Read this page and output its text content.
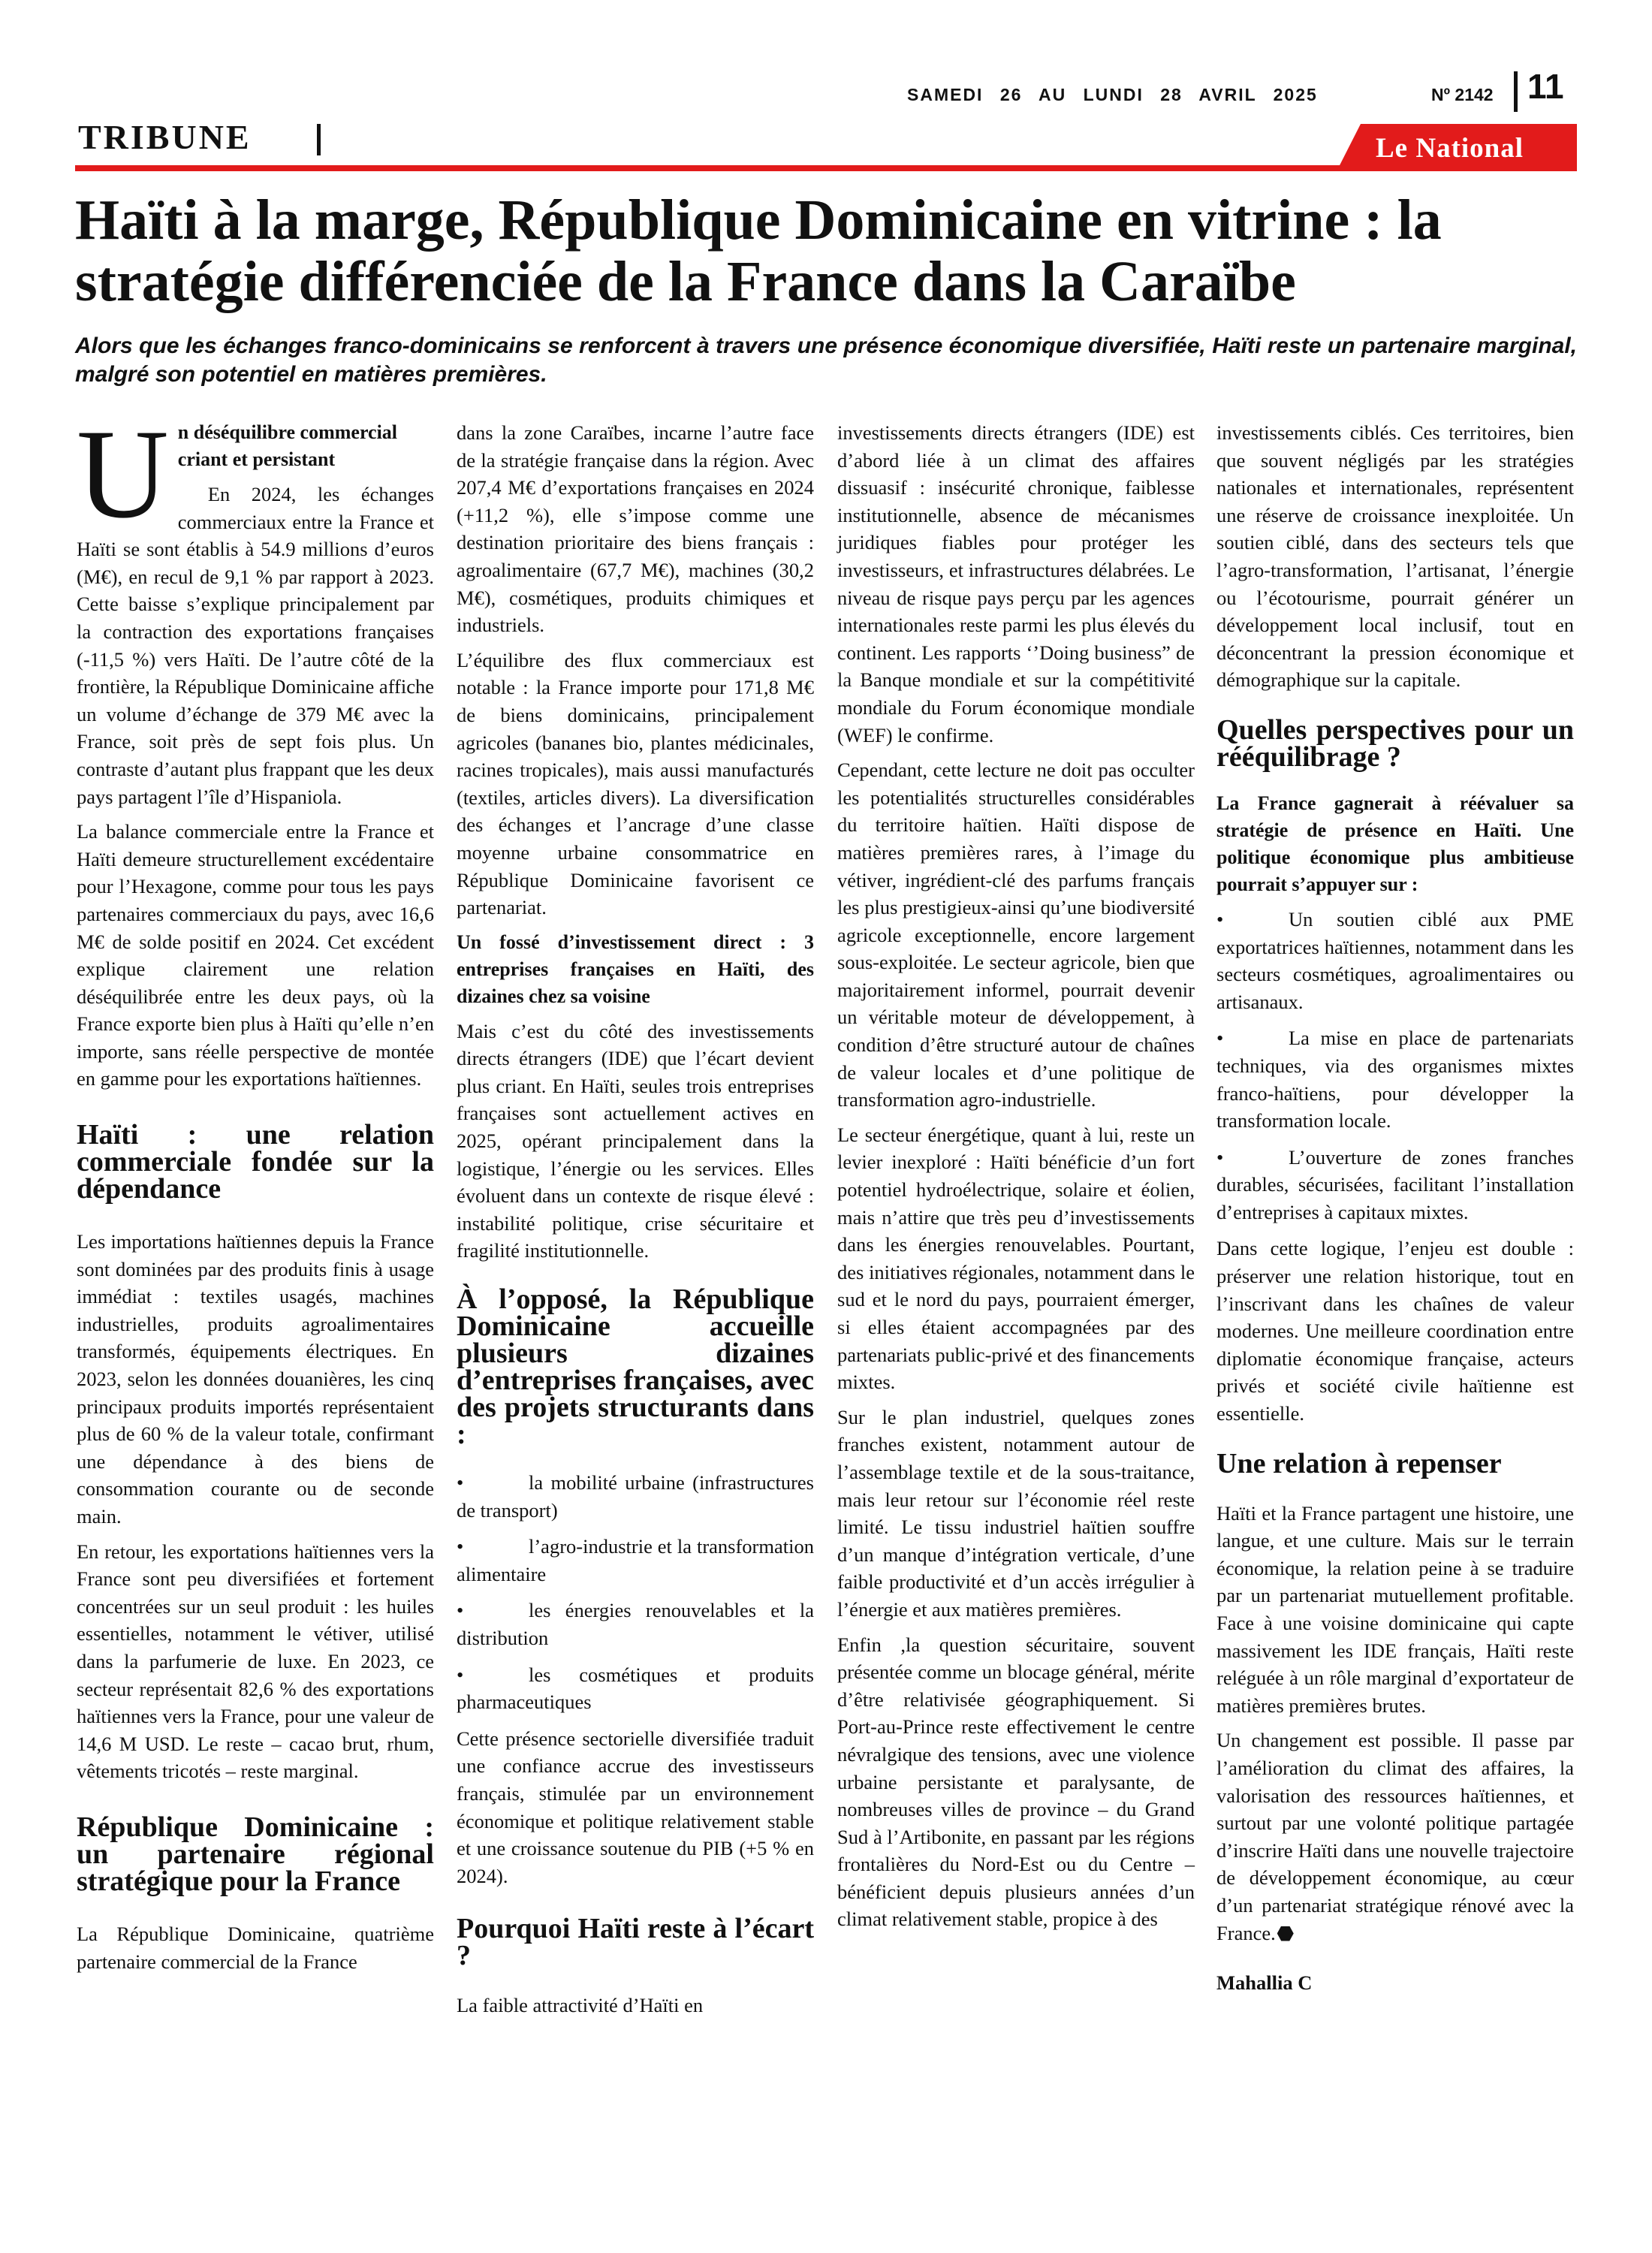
SAMEDI 26 AU LUNDI 28 AVRIL 2025	Nº 2142 11
TRIBUNE	Le National
Haïti à la marge, République Dominicaine en vitrine : la stratégie différenciée de la France dans la Caraïbe

Alors que les échanges franco-dominicains se renforcent à travers une présence économique diversifiée, Haïti reste un partenaire marginal, malgré son potentiel en matières premières.

U n déséquilibre commercial criant et persistant

En 2024, les échanges commerciaux entre la France et Haïti se sont établis à 54.9 millions d’euros (M€), en recul de 9,1 % par rapport à 2023. Cette baisse s’explique principalement par la contraction des exportations françaises (-11,5 %) vers Haïti. De l’autre côté de la frontière, la République Dominicaine affiche un volume d’échange de 379 M€ avec la France, soit près de sept fois plus. Un contraste d’autant plus frappant que les deux pays partagent l’île d’Hispaniola.

La balance commerciale entre la France et Haïti demeure structurellement excédentaire pour l’Hexagone, comme pour tous les pays partenaires commerciaux du pays, avec 16,6 M€ de solde positif en 2024. Cet excédent explique clairement une relation déséquilibrée entre les deux pays, où la France exporte bien plus à Haïti qu’elle n’en importe, sans réelle perspective de montée en gamme pour les exportations haïtiennes.

Haïti : une relation commerciale fondée sur la dépendance

Les importations haïtiennes depuis la France sont dominées par des produits finis à usage immédiat : textiles usagés, machines industrielles, produits agroalimentaires transformés, équipements électriques. En 2023, selon les données douanières, les cinq principaux produits importés représentaient plus de 60 % de la valeur totale, confirmant une dépendance à des biens de consommation courante ou de seconde main.

En retour, les exportations haïtiennes vers la France sont peu diversifiées et fortement concentrées sur un seul produit : les huiles essentielles, notamment le vétiver, utilisé dans la parfumerie de luxe. En 2023, ce secteur représentait 82,6 % des exportations haïtiennes vers la France, pour une valeur de 14,6 M USD. Le reste – cacao brut, rhum, vêtements tricotés – reste marginal.

République Dominicaine : un partenaire régional stratégique pour la France

La République Dominicaine, quatrième partenaire commercial de la France

dans la zone Caraïbes, incarne l’autre face de la stratégie française dans la région. Avec 207,4 M€ d’exportations françaises en 2024 (+11,2 %), elle s’impose comme une destination prioritaire des biens français : agroalimentaire (67,7 M€), machines (30,2 M€), cosmétiques, produits chimiques et industriels.

L’équilibre des flux commerciaux est notable : la France importe pour 171,8 M€ de biens dominicains, principalement agricoles (bananes bio, plantes médicinales, racines tropicales), mais aussi manufacturés (textiles, articles divers). La diversification des échanges et l’ancrage d’une classe moyenne urbaine consommatrice en République Dominicaine favorisent ce partenariat.

Un fossé d’investissement direct : 3 entreprises françaises en Haïti, des dizaines chez sa voisine

Mais c’est du côté des investissements directs étrangers (IDE) que l’écart devient plus criant. En Haïti, seules trois entreprises françaises sont actuellement actives en 2025, opérant principalement dans la logistique, l’énergie ou les services. Elles évoluent dans un contexte de risque élevé : instabilité politique, crise sécuritaire et fragilité institutionnelle.

À l’opposé, la République Dominicaine accueille plusieurs dizaines d’entreprises françaises, avec des projets structurants dans :
•	la mobilité urbaine (infrastructures de transport)
•	l’agro-industrie et la transformation alimentaire
•	les énergies renouvelables et la distribution
•	les cosmétiques et produits pharmaceutiques

Cette présence sectorielle diversifiée traduit une confiance accrue des investisseurs français, stimulée par un environnement économique et politique relativement stable et une croissance soutenue du PIB (+5 % en 2024).

Pourquoi Haïti reste à l’écart ?

La faible attractivité d’Haïti en

investissements directs étrangers (IDE) est d’abord liée à un climat des affaires dissuasif : insécurité chronique, faiblesse institutionnelle, absence de mécanismes juridiques fiables pour protéger les investisseurs, et infrastructures délabrées. Le niveau de risque pays perçu par les agences internationales reste parmi les plus élevés du continent. Les rapports ‘’Doing business” de la Banque mondiale et sur la compétitivité mondiale du Forum économique mondiale (WEF) le confirme.

Cependant, cette lecture ne doit pas occulter les potentialités structurelles considérables du territoire haïtien. Haïti dispose de matières premières rares, à l’image du vétiver, ingrédient-clé des parfums français les plus prestigieux-ainsi qu’une biodiversité agricole exceptionnelle, encore largement sous-exploitée. Le secteur agricole, bien que majoritairement informel, pourrait devenir un véritable moteur de développement, à condition d’être structuré autour de chaînes de valeur locales et d’une politique de transformation agro-industrielle.

Le secteur énergétique, quant à lui, reste un levier inexploré : Haïti bénéficie d’un fort potentiel hydroélectrique, solaire et éolien, mais n’attire que très peu d’investissements dans les énergies renouvelables. Pourtant, des initiatives régionales, notamment dans le sud et le nord du pays, pourraient émerger, si elles étaient accompagnées par des partenariats public-privé et des financements mixtes.

Sur le plan industriel, quelques zones franches existent, notamment autour de l’assemblage textile et de la sous-traitance, mais leur retour sur l’économie réel reste limité. Le tissu industriel haïtien souffre d’un manque d’intégration verticale, d’une faible productivité et d’un accès irrégulier à l’énergie et aux matières premières.

Enfin ,la question sécuritaire, souvent présentée comme un blocage général, mérite d’être relativisée géographiquement. Si Port-au-Prince reste effectivement le centre névralgique des tensions, avec une violence urbaine persistante et paralysante, de nombreuses villes de province – du Grand Sud à l’Artibonite, en passant par les régions frontalières du Nord-Est ou du Centre – bénéficient depuis plusieurs années d’un climat relativement stable, propice à des

investissements ciblés. Ces territoires, bien que souvent négligés par les stratégies nationales et internationales, représentent une réserve de croissance inexploitée. Un soutien ciblé, dans des secteurs tels que l’agro-transformation, l’artisanat, l’énergie ou l’écotourisme, pourrait générer un développement local inclusif, tout en déconcentrant la pression économique et démographique sur la capitale.

Quelles perspectives pour un rééquilibrage ?
La France gagnerait à réévaluer sa stratégie de présence en Haïti. Une politique économique plus ambitieuse pourrait s’appuyer sur :
•	Un soutien ciblé aux PME exportatrices haïtiennes, notamment dans les secteurs cosmétiques, agroalimentaires ou artisanaux.
•	La mise en place de partenariats techniques, via des organismes mixtes franco-haïtiens, pour développer la transformation locale.
•	L’ouverture de zones franches durables, sécurisées, facilitant l’installation d’entreprises à capitaux mixtes.

Dans cette logique, l’enjeu est double : préserver une relation historique, tout en l’inscrivant dans les chaînes de valeur modernes. Une meilleure coordination entre diplomatie économique française, acteurs privés et société civile haïtienne est essentielle.

Une relation à repenser

Haïti et la France partagent une histoire, une langue, et une culture. Mais sur le terrain économique, la relation peine à se traduire par un partenariat mutuellement profitable. Face à une voisine dominicaine qui capte massivement les IDE français, Haïti reste reléguée à un rôle marginal d’exportateur de matières premières brutes.

Un changement est possible. Il passe par l’amélioration du climat des affaires, la valorisation des ressources haïtiennes, et surtout par une volonté politique partagée d’inscrire Haïti dans une nouvelle trajectoire de développement économique, au cœur d’un partenariat stratégique rénové avec la France.

Mahallia C
